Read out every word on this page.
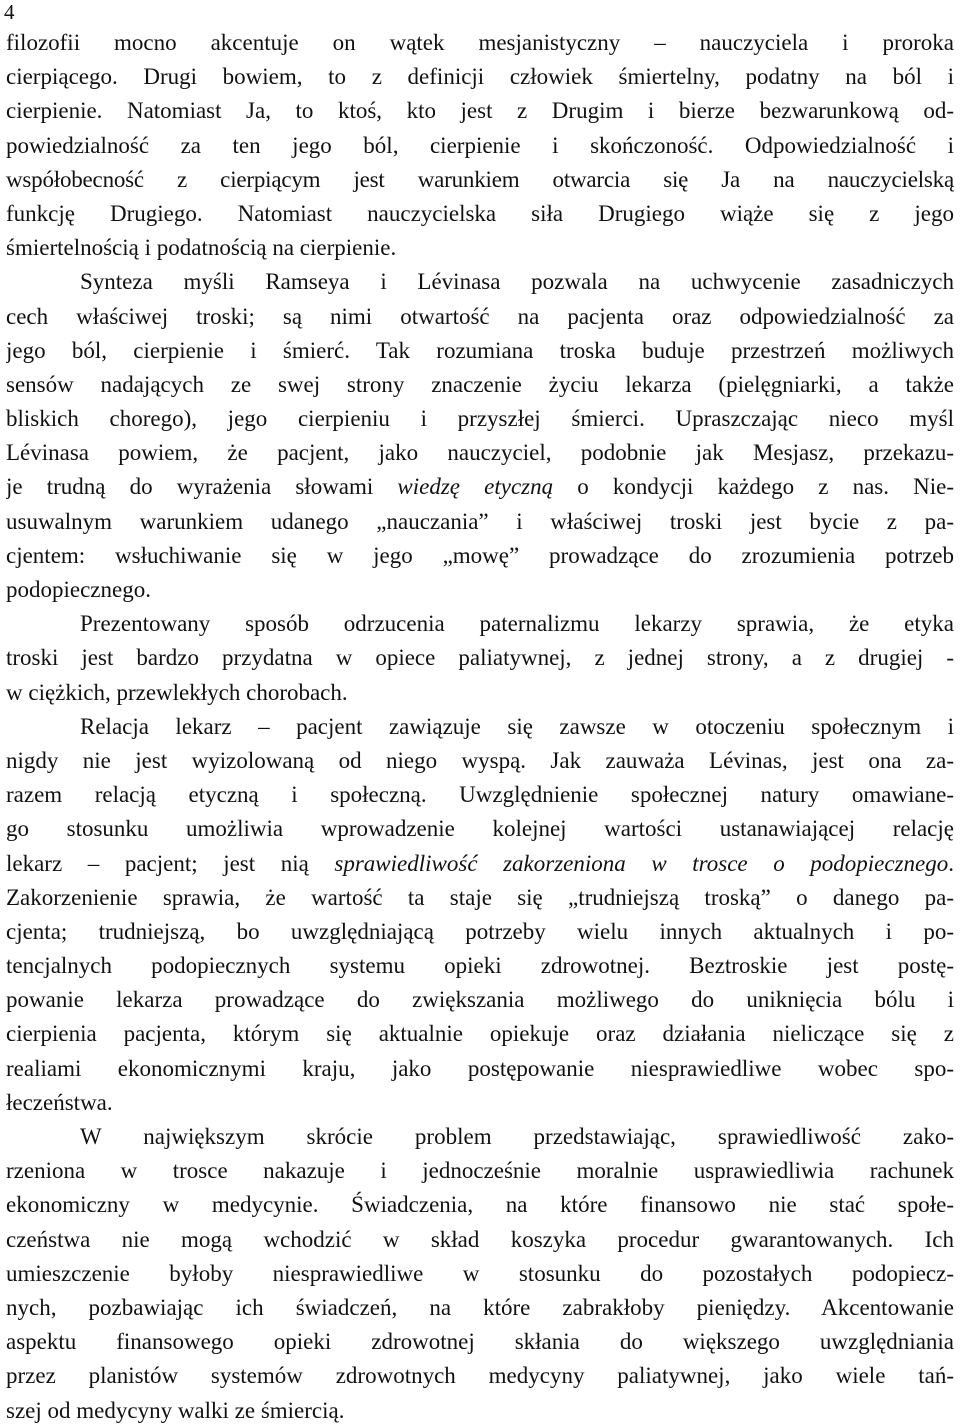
4
filozofii mocno akcentuje on wątek mesjanistyczny – nauczyciela i proroka
cierpiącego. Drugi bowiem, to z definicji człowiek śmiertelny, podatny na ból i
cierpienie. Natomiast Ja, to ktoś, kto jest z Drugim i bierze bezwarunkową od-
powiedzialność za ten jego ból, cierpienie i skończoność. Odpowiedzialność i
współobecność z cierpiącym jest warunkiem otwarcia się Ja na nauczycielską
funkcję Drugiego. Natomiast nauczycielska siła Drugiego wiąże się z jego
śmiertelnością i podatnością na cierpienie.
Synteza myśli Ramseya i Lévinasa pozwala na uchwycenie zasadniczych
cech właściwej troski; są nimi otwartość na pacjenta oraz odpowiedzialność za
jego ból, cierpienie i śmierć. Tak rozumiana troska buduje przestrzeń możliwych
sensów nadających ze swej strony znaczenie życiu lekarza (pielęgniarki, a także
bliskich chorego), jego cierpieniu i przyszłej śmierci. Upraszczając nieco myśl
Lévinasa powiem, że pacjent, jako nauczyciel, podobnie jak Mesjasz, przekazu-
je trudną do wyrażenia słowami wiedzę etyczną o kondycji każdego z nas. Nie-
usuwalnym warunkiem udanego „nauczania” i właściwej troski jest bycie z pa-
cjentem: wsłuchiwanie się w jego „mowę” prowadzące do zrozumienia potrzeb
podopiecznego.
Prezentowany sposób odrzucenia paternalizmu lekarzy sprawia, że etyka
troski jest bardzo przydatna w opiece paliatywnej, z jednej strony, a z drugiej -
w ciężkich, przewlekłych chorobach.
Relacja lekarz – pacjent zawiązuje się zawsze w otoczeniu społecznym i
nigdy nie jest wyizolowaną od niego wyspą. Jak zauważa Lévinas, jest ona za-
razem relacją etyczną i społeczną. Uwzględnienie społecznej natury omawiane-
go stosunku umożliwia wprowadzenie kolejnej wartości ustanawiającej relację
lekarz – pacjent; jest nią sprawiedliwość zakorzeniona w trosce o podopiecznego.
Zakorzenienie sprawia, że wartość ta staje się „trudniejszą troską” o danego pa-
cjenta; trudniejszą, bo uwzględniającą potrzeby wielu innych aktualnych i po-
tencjalnych podopiecznych systemu opieki zdrowotnej. Beztroskie jest postę-
powanie lekarza prowadzące do zwiększania możliwego do uniknięcia bólu i
cierpienia pacjenta, którym się aktualnie opiekuje oraz działania nieliczące się z
realiami ekonomicznymi kraju, jako postępowanie niesprawiedliwe wobec spo-
łeczeństwa.
W największym skrócie problem przedstawiając, sprawiedliwość zako-
rzeniona w trosce nakazuje i jednocześnie moralnie usprawiedliwia rachunek
ekonomiczny w medycynie. Świadczenia, na które finansowo nie stać społe-
czeństwa nie mogą wchodzić w skład koszyka procedur gwarantowanych. Ich
umieszczenie byłoby niesprawiedliwe w stosunku do pozostałych podopiecz-
nych, pozbawiając ich świadczeń, na które zabrakłoby pieniędzy. Akcentowanie
aspektu finansowego opieki zdrowotnej skłania do większego uwzględniania
przez planistów systemów zdrowotnych medycyny paliatywnej, jako wiele tań-
szej od medycyny walki ze śmiercią.
